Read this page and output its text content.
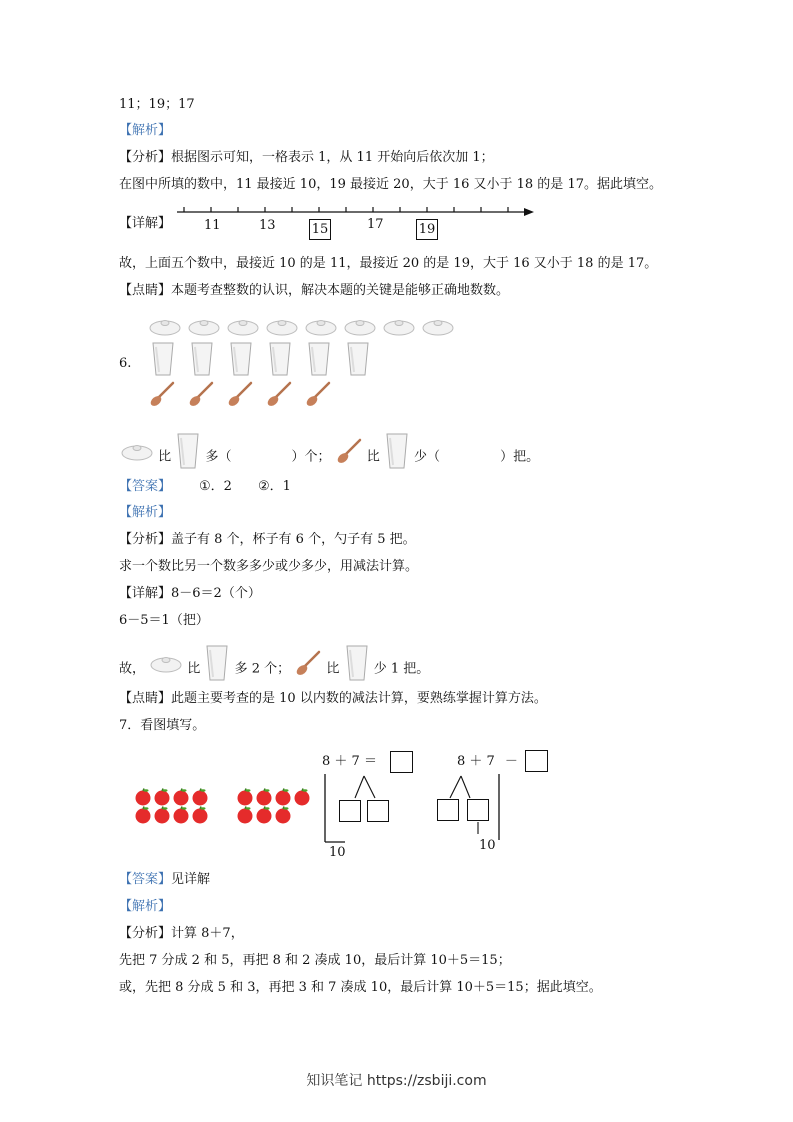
11；19；17
【解析】
【分析】根据图示可知，一格表示 1，从 11 开始向后依次加 1；
在图中所填的数中，11 最接近 10，19 最接近 20，大于 16 又小于 18 的是 17。据此填空。
【详解】	11	13	15	17	19
故，上面五个数中，最接近 10 的是 11，最接近 20 的是 19，大于 16 又小于 18 的是 17。
【点睛】本题考查整数的认识，解决本题的关键是能够正确地数数。
6.
比	多（	）个；	比	少（	）把。
【答案】 ①．2　　②．1
【解析】
【分析】盖子有 8 个，杯子有 6 个，勺子有 5 把。
求一个数比另一个数多多少或少多少，用减法计算。
【详解】8－6＝2（个）
6－5＝1（把）
故，	比	多 2 个；	比	少 1 把。
【点睛】此题主要考查的是 10 以内数的减法计算，要熟练掌握计算方法。
7．看图填写。
8 ＋ 7 ＝
10
8 ＋ 7 －
10
【答案】见详解
【解析】
【分析】计算 8＋7，
先把 7 分成 2 和 5，再把 8 和 2 凑成 10，最后计算 10＋5＝15；
或，先把 8 分成 5 和 3，再把 3 和 7 凑成 10，最后计算 10＋5＝15；据此填空。
知识笔记 https://zsbiji.com
